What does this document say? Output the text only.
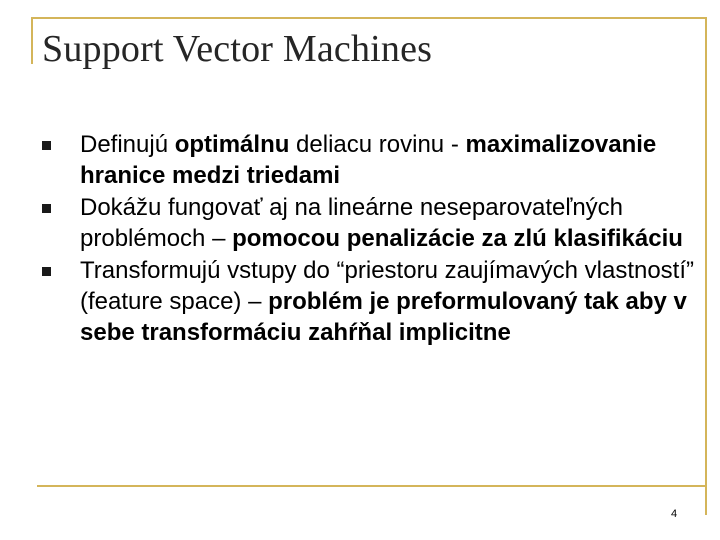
Support Vector Machines
Definujú optimálnu deliacu rovinu - maximalizovanie hranice medzi triedami
Dokážu fungovať aj na lineárne neseparovateľných problémoch – pomocou penalizácie za zlú klasifikáciu
Transformujú vstupy do “priestoru zaujímavých vlastností” (feature space) – problém je preformulovaný tak aby v sebe transformáciu zahŕňal implicitne
4
